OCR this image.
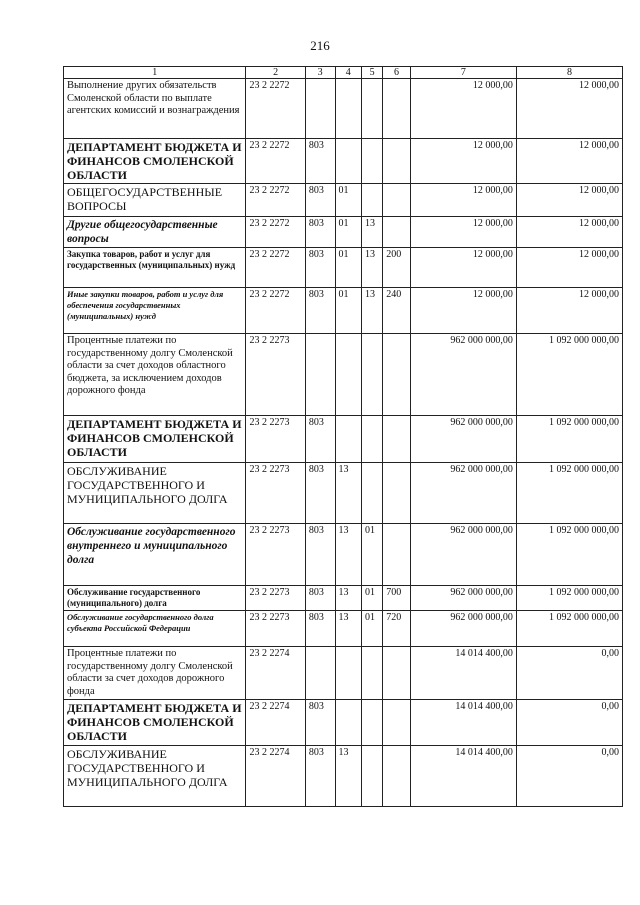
216
1	2	3	4	5	6	7	8
Выполнение других обязательств Смоленской области по выплате агентских комиссий и вознаграждения	23 2 2272					12 000,00	12 000,00
ДЕПАРТАМЕНТ БЮДЖЕТА И ФИНАНСОВ СМОЛЕНСКОЙ ОБЛАСТИ	23 2 2272	803				12 000,00	12 000,00
ОБЩЕГОСУДАРСТВЕННЫЕ ВОПРОСЫ	23 2 2272	803	01			12 000,00	12 000,00
Другие общегосударственные вопросы	23 2 2272	803	01	13		12 000,00	12 000,00
Закупка товаров, работ и услуг для государственных (муниципальных) нужд	23 2 2272	803	01	13	200	12 000,00	12 000,00
Иные закупки товаров, работ и услуг для обеспечения государственных (муниципальных) нужд	23 2 2272	803	01	13	240	12 000,00	12 000,00
Процентные платежи по государственному долгу Смоленской области за счет доходов областного бюджета, за исключением доходов дорожного фонда	23 2 2273					962 000 000,00	1 092 000 000,00
ДЕПАРТАМЕНТ БЮДЖЕТА И ФИНАНСОВ СМОЛЕНСКОЙ ОБЛАСТИ	23 2 2273	803				962 000 000,00	1 092 000 000,00
ОБСЛУЖИВАНИЕ ГОСУДАРСТВЕННОГО И МУНИЦИПАЛЬНОГО ДОЛГА	23 2 2273	803	13			962 000 000,00	1 092 000 000,00
Обслуживание государственного внутреннего и муниципального долга	23 2 2273	803	13	01		962 000 000,00	1 092 000 000,00
Обслуживание государственного (муниципального) долга	23 2 2273	803	13	01	700	962 000 000,00	1 092 000 000,00
Обслуживание государственного долга субъекта Российской Федерации	23 2 2273	803	13	01	720	962 000 000,00	1 092 000 000,00
Процентные платежи по государственному долгу Смоленской области за счет доходов дорожного фонда	23 2 2274					14 014 400,00	0,00
ДЕПАРТАМЕНТ БЮДЖЕТА И ФИНАНСОВ СМОЛЕНСКОЙ ОБЛАСТИ	23 2 2274	803				14 014 400,00	0,00
ОБСЛУЖИВАНИЕ ГОСУДАРСТВЕННОГО И МУНИЦИПАЛЬНОГО ДОЛГА	23 2 2274	803	13			14 014 400,00	0,00
